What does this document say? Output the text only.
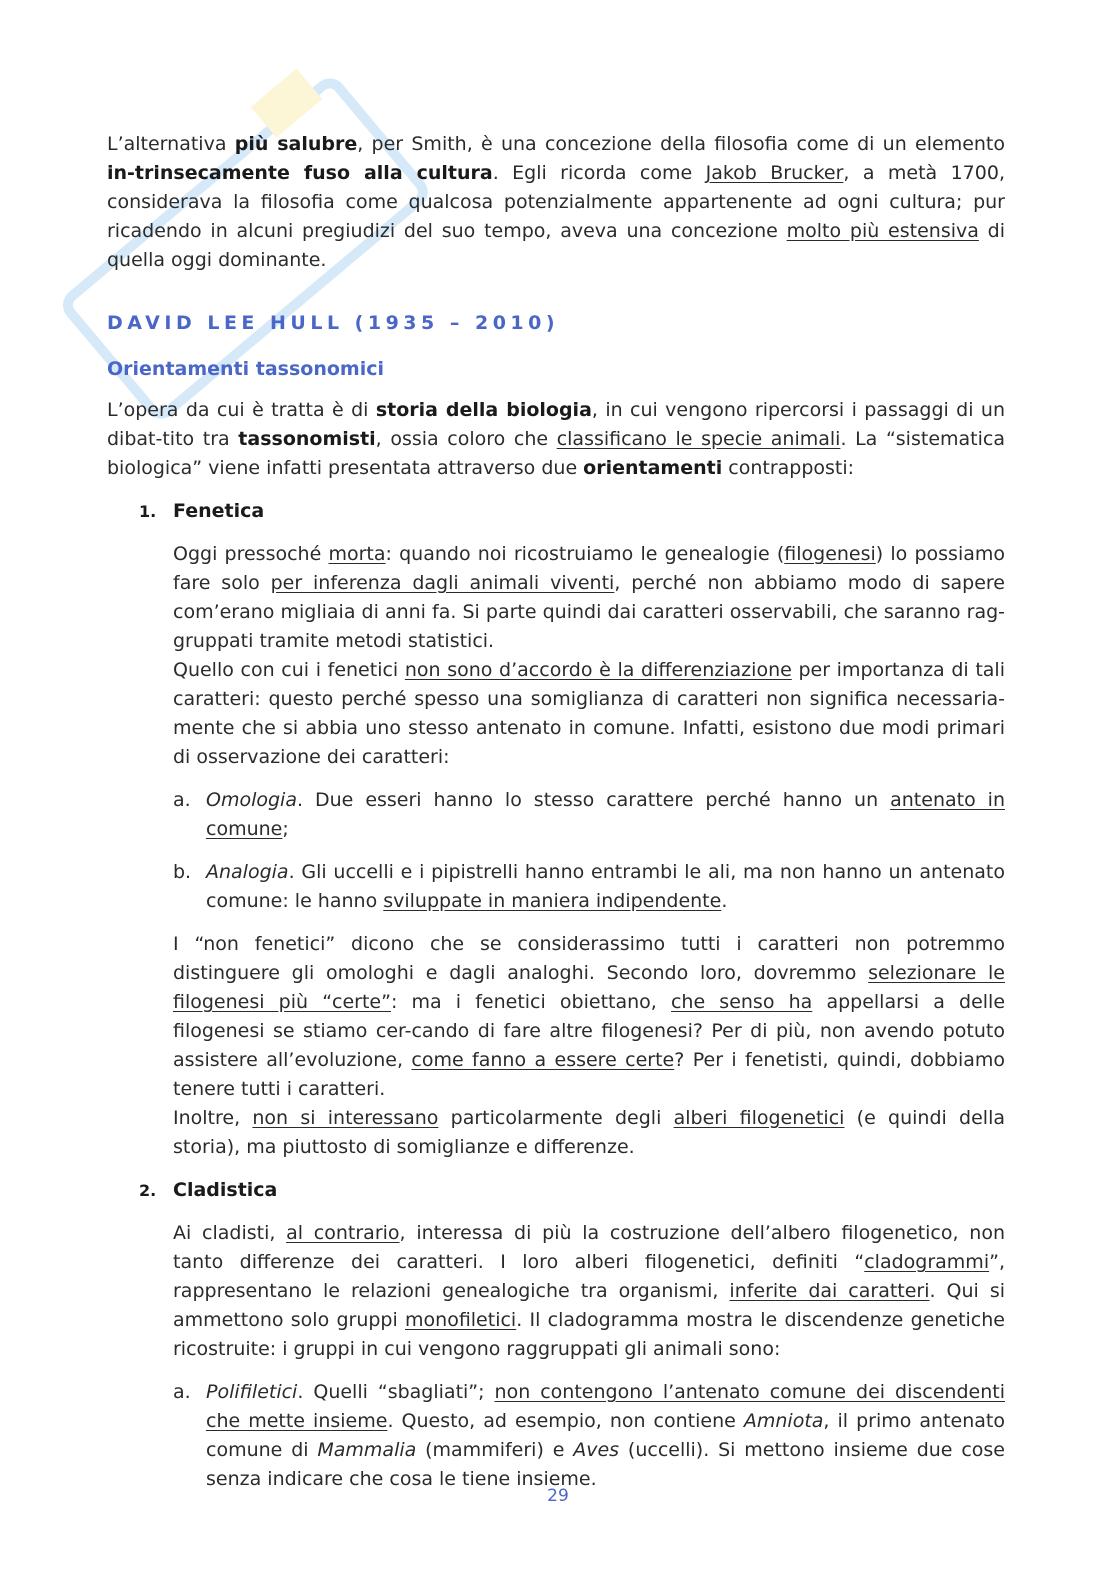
L’alternativa più salubre, per Smith, è una concezione della filosofia come di un elemento in-trinsecamente fuso alla cultura. Egli ricorda come Jakob Brucker, a metà 1700, considerava la filosofia come qualcosa potenzialmente appartenente ad ogni cultura; pur ricadendo in alcuni pregiudizi del suo tempo, aveva una concezione molto più estensiva di quella oggi dominante.

DAVID LEE HULL (1935 – 2010)
Orientamenti tassonomici

L’opera da cui è tratta è di storia della biologia, in cui vengono ripercorsi i passaggi di un dibat-tito tra tassonomisti, ossia coloro che classificano le specie animali. La “sistematica biologica” viene infatti presentata attraverso due orientamenti contrapposti:

1. Fenetica

Oggi pressoché morta: quando noi ricostruiamo le genealogie (filogenesi) lo possiamo fare solo per inferenza dagli animali viventi, perché non abbiamo modo di sapere com’erano migliaia di anni fa. Si parte quindi dai caratteri osservabili, che saranno rag-gruppati tramite metodi statistici.
Quello con cui i fenetici non sono d’accordo è la differenziazione per importanza di tali caratteri: questo perché spesso una somiglianza di caratteri non significa necessaria-mente che si abbia uno stesso antenato in comune. Infatti, esistono due modi primari di osservazione dei caratteri:

a. Omologia. Due esseri hanno lo stesso carattere perché hanno un antenato in comune;

b. Analogia. Gli uccelli e i pipistrelli hanno entrambi le ali, ma non hanno un antenato comune: le hanno sviluppate in maniera indipendente.

I “non fenetici” dicono che se considerassimo tutti i caratteri non potremmo distinguere gli omologhi e dagli analoghi. Secondo loro, dovremmo selezionare le filogenesi più “certe”: ma i fenetici obiettano, che senso ha appellarsi a delle filogenesi se stiamo cer-cando di fare altre filogenesi? Per di più, non avendo potuto assistere all’evoluzione, come fanno a essere certe? Per i fenetisti, quindi, dobbiamo tenere tutti i caratteri.
Inoltre, non si interessano particolarmente degli alberi filogenetici (e quindi della storia), ma piuttosto di somiglianze e differenze.

2. Cladistica

Ai cladisti, al contrario, interessa di più la costruzione dell’albero filogenetico, non tanto differenze dei caratteri. I loro alberi filogenetici, definiti “cladogrammi”, rappresentano le relazioni genealogiche tra organismi, inferite dai caratteri. Qui si ammettono solo gruppi monofiletici. Il cladogramma mostra le discendenze genetiche ricostruite: i gruppi in cui vengono raggruppati gli animali sono:

a. Polifiletici. Quelli “sbagliati”; non contengono l’antenato comune dei discendenti che mette insieme. Questo, ad esempio, non contiene Amniota, il primo antenato comune di Mammalia (mammiferi) e Aves (uccelli). Si mettono insieme due cose senza indicare che cosa le tiene insieme.

29
